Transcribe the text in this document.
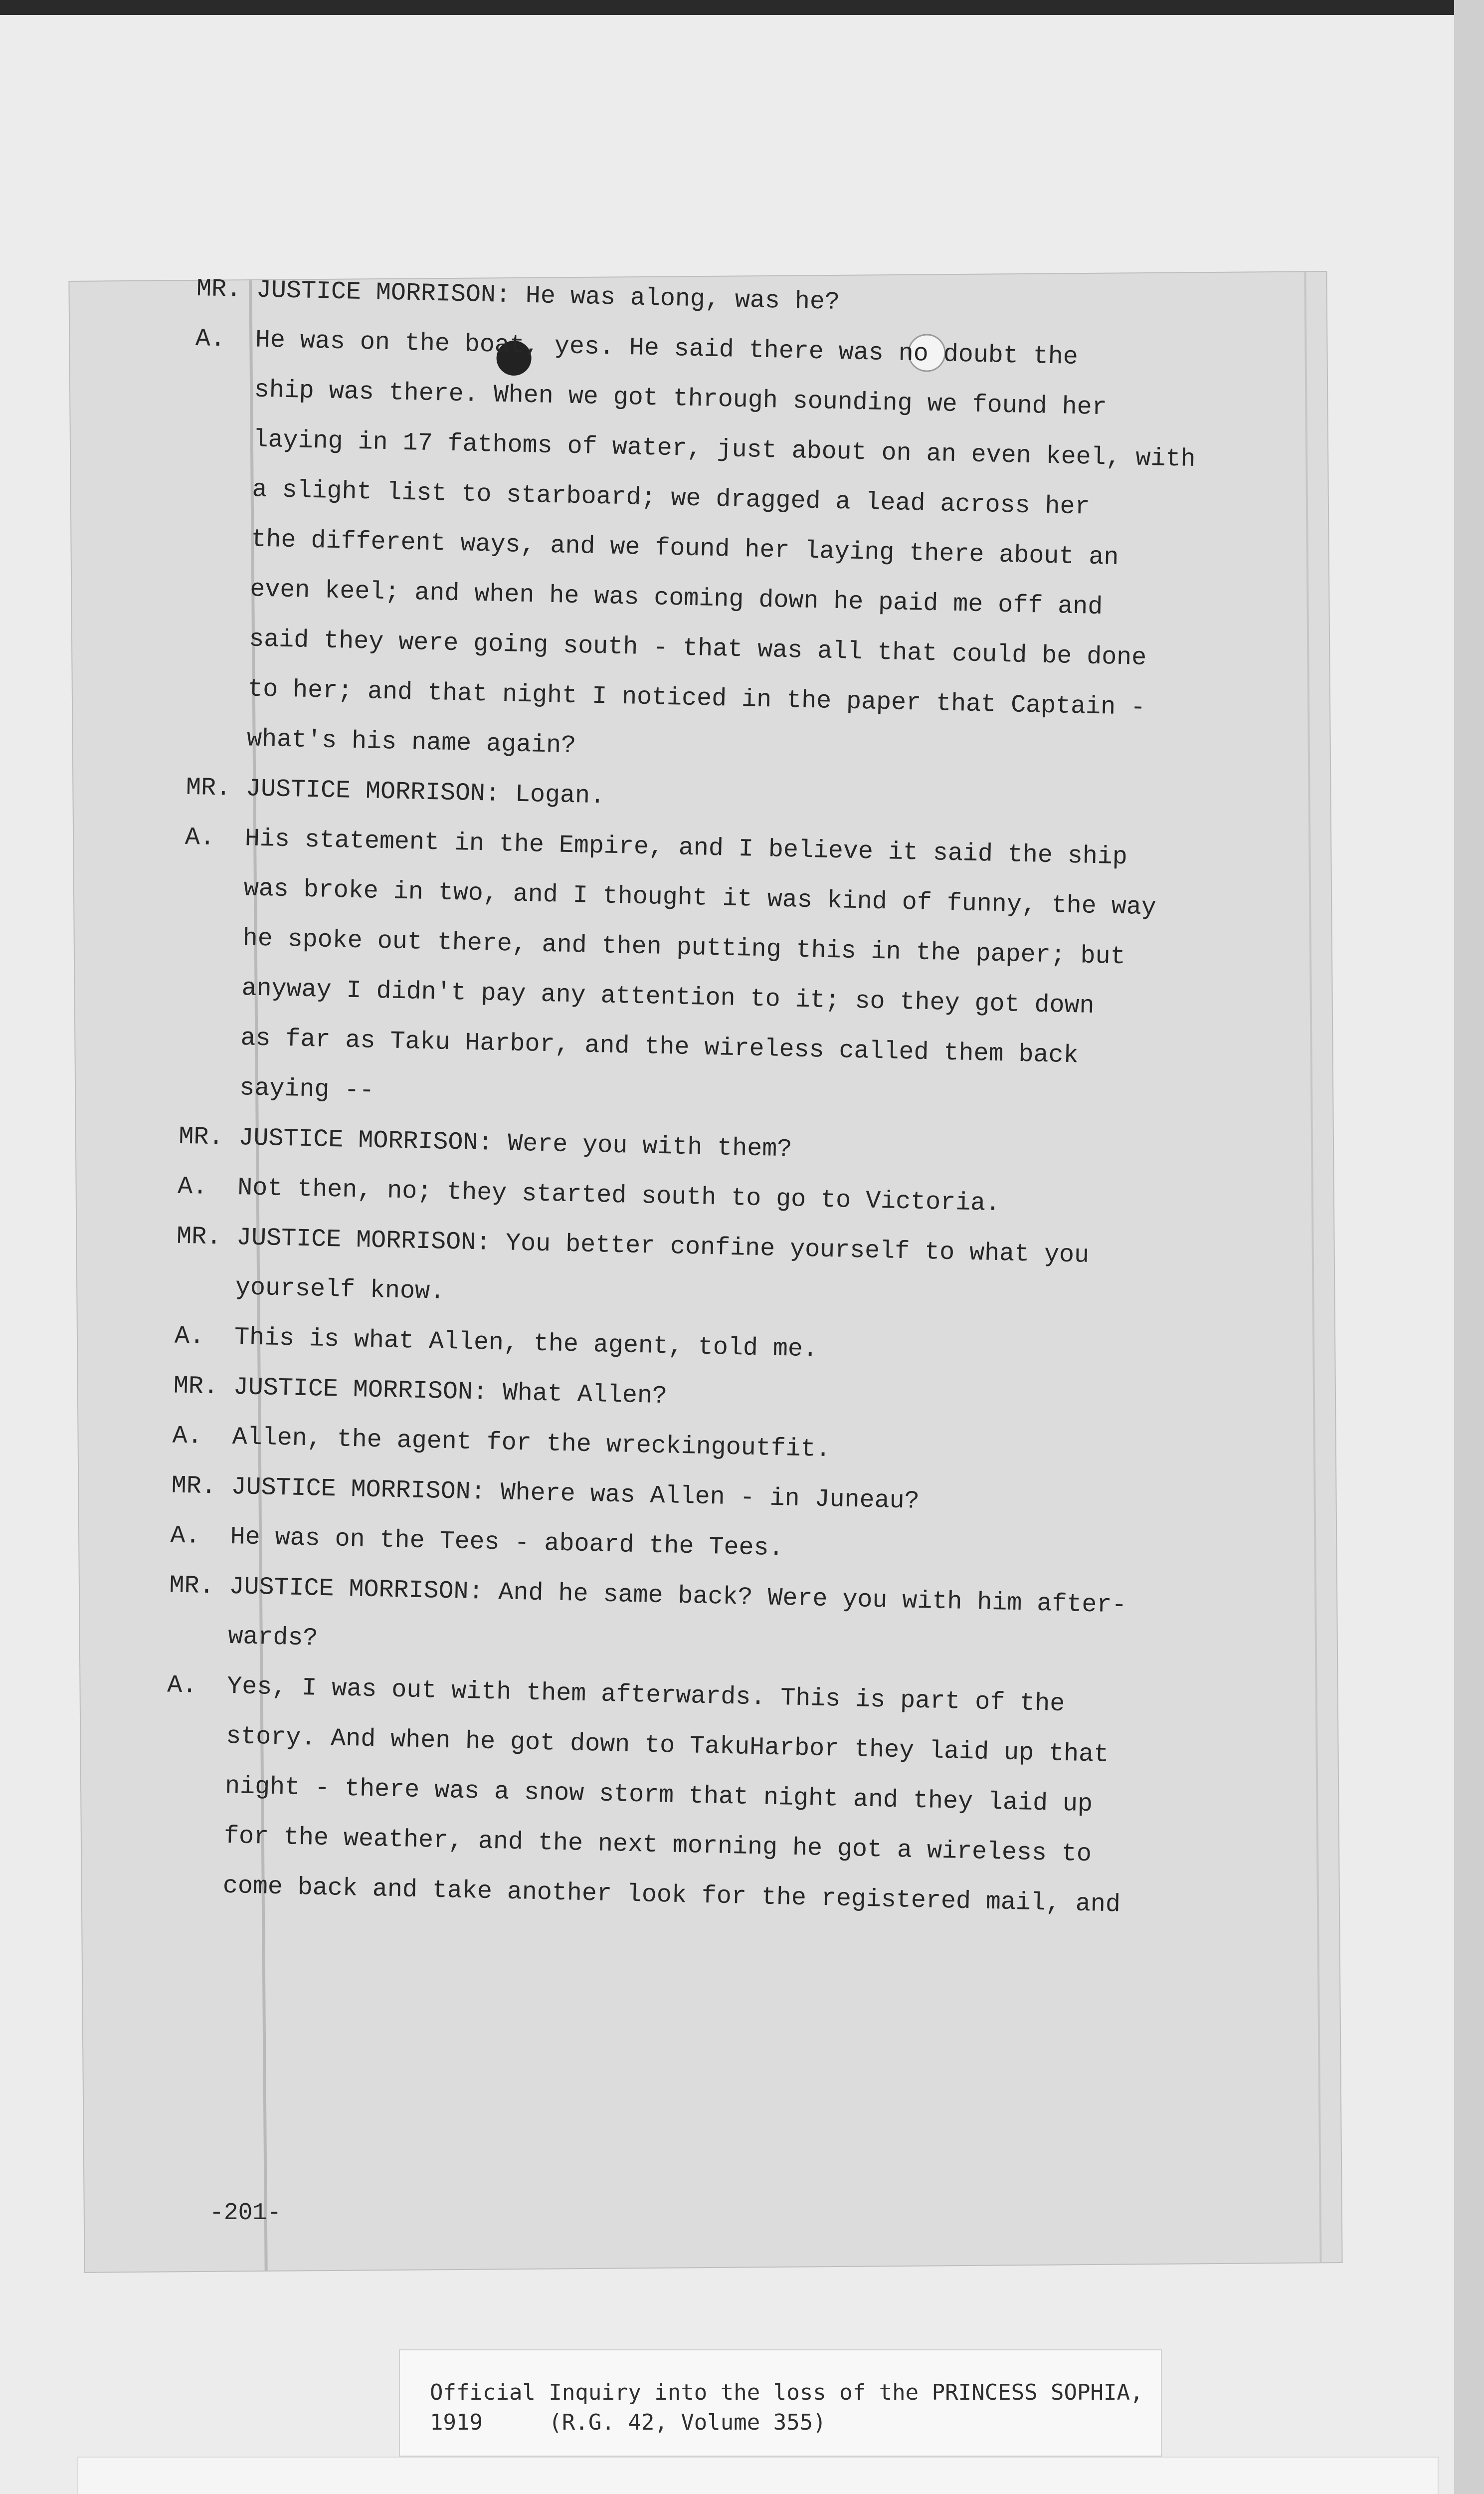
MR. JUSTICE MORRISON: He was along, was he?
A.  He was on the boat, yes. He said there was no doubt the
ship was there. When we got through sounding we found her
laying in 17 fathoms of water, just about on an even keel, with
a slight list to starboard; we dragged a lead across her
the different ways, and we found her laying there about an
even keel; and when he was coming down he paid me off and
said they were going south - that was all that could be done
to her; and that night I noticed in the paper that Captain -
what's his name again?
MR. JUSTICE MORRISON: Logan.
A.  His statement in the Empire, and I believe it said the ship
was broke in two, and I thought it was kind of funny, the way
he spoke out there, and then putting this in the paper; but
anyway I didn't pay any attention to it; so they got down
as far as Taku Harbor, and the wireless called them back
saying --
MR. JUSTICE MORRISON: Were you with them?
A.  Not then, no; they started south to go to Victoria.
MR. JUSTICE MORRISON: You better confine yourself to what you
yourself know.
A.  This is what Allen, the agent, told me.
MR. JUSTICE MORRISON: What Allen?
A.  Allen, the agent for the wreckingoutfit.
MR. JUSTICE MORRISON: Where was Allen - in Juneau?
A.  He was on the Tees - aboard the Tees.
MR. JUSTICE MORRISON: And he same back? Were you with him after-
wards?
A.  Yes, I was out with them afterwards. This is part of the
story. And when he got down to TakuHarbor they laid up that
night - there was a snow storm that night and they laid up
for the weather, and the next morning he got a wireless to
come back and take another look for the registered mail, and
-201-
Official Inquiry into the loss of the PRINCESS SOPHIA,
1919     (R.G. 42, Volume 355)
